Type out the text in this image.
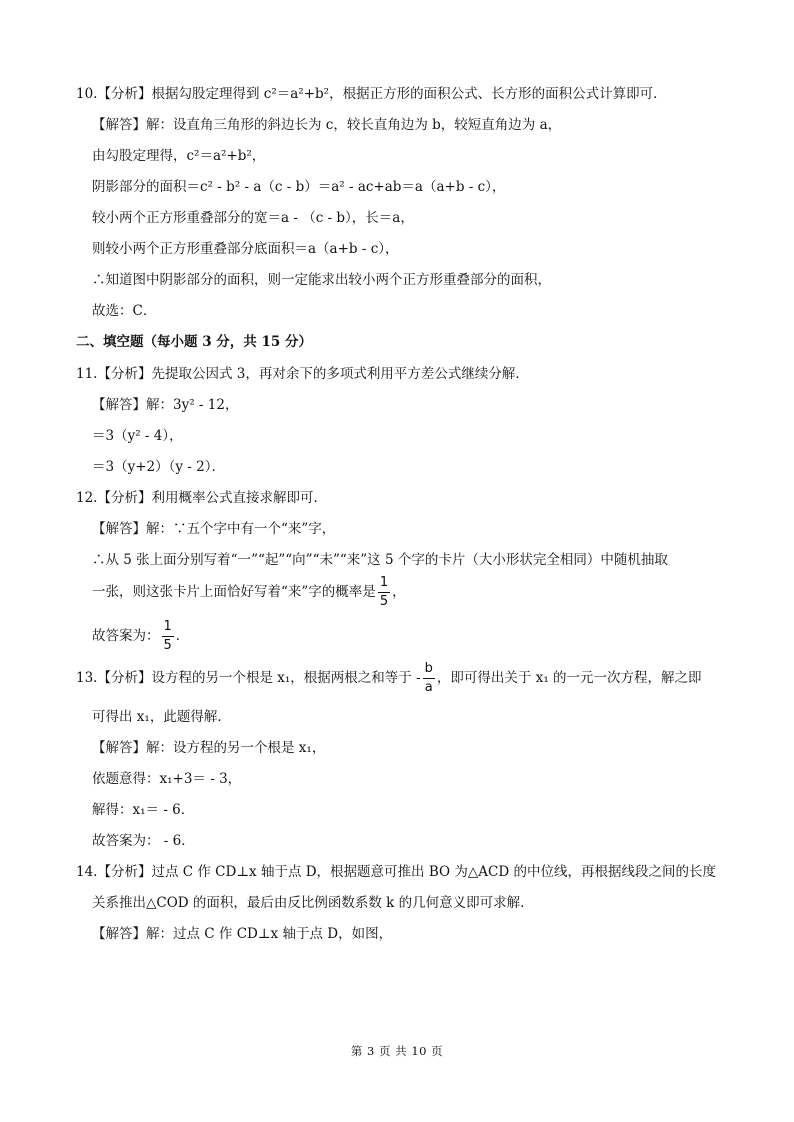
10.【分析】根据勾股定理得到 c²＝a²+b²，根据正方形的面积公式、长方形的面积公式计算即可．
【解答】解：设直角三角形的斜边长为 c，较长直角边为 b，较短直角边为 a，
由勾股定理得，c²＝a²+b²，
阴影部分的面积＝c² ‐ b² ‐ a（c ‐ b）＝a² ‐ ac+ab＝a（a+b ‐ c），
较小两个正方形重叠部分的宽＝a ‐ （c ‐ b），长＝a，
则较小两个正方形重叠部分底面积＝a（a+b ‐ c），
∴知道图中阴影部分的面积，则一定能求出较小两个正方形重叠部分的面积，
故选：C．
二、填空题（每小题 3 分，共 15 分）
11.【分析】先提取公因式 3，再对余下的多项式利用平方差公式继续分解．
【解答】解：3y² ‐ 12，
＝3（y² ‐ 4），
＝3（y+2）（y ‐ 2）．
12.【分析】利用概率公式直接求解即可．
【解答】解：∵五个字中有一个“来”字，
∴从 5 张上面分别写着“一”“起”“向”“未”“来”这 5 个字的卡片（大小形状完全相同）中随机抽取
一张，则这张卡片上面恰好写着“来”字的概率是 $\frac{1}{5}$ ，
故答案为： $\frac{1}{5}$ ．
13.【分析】设方程的另一个根是 x₁，根据两根之和等于 ‐ $\frac{b}{a}$ ，即可得出关于 x₁ 的一元一次方程，解之即
可得出 x₁，此题得解．
【解答】解：设方程的另一个根是 x₁，
依题意得：x₁+3＝ ‐ 3，
解得：x₁＝ ‐ 6．
故答案为： ‐ 6．
14.【分析】过点 C 作 CD⊥x 轴于点 D，根据题意可推出 BO 为△ACD 的中位线，再根据线段之间的长度
关系推出△COD 的面积，最后由反比例函数系数 k 的几何意义即可求解．
【解答】解：过点 C 作 CD⊥x 轴于点 D，如图，
第 3 页 共 10 页
